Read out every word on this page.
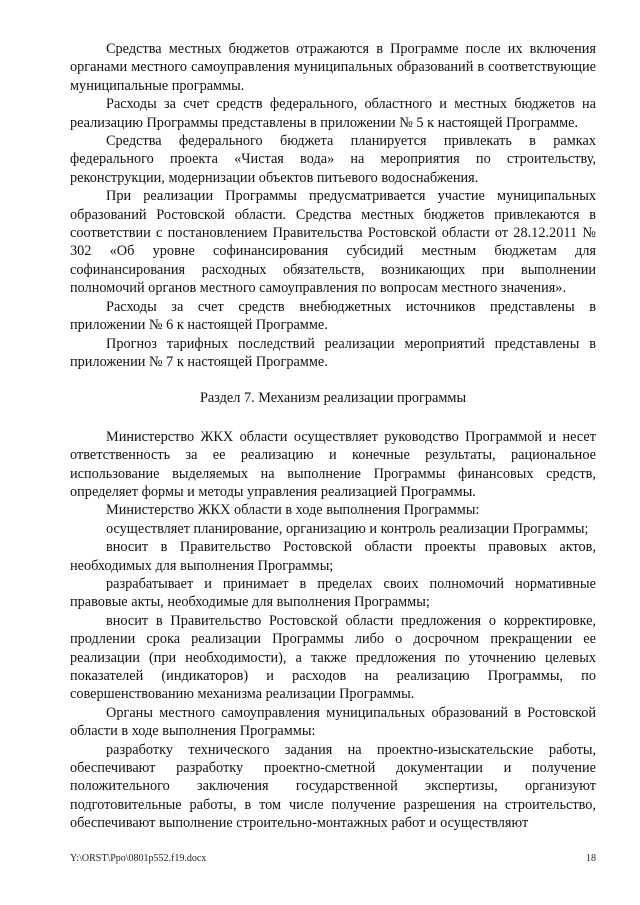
Средства местных бюджетов отражаются в Программе после их включения органами местного самоуправления муниципальных образований в соответствующие муниципальные программы.

Расходы за счет средств федерального, областного и местных бюджетов на реализацию Программы представлены в приложении № 5 к настоящей Программе.

Средства федерального бюджета планируется привлекать в рамках федерального проекта «Чистая вода» на мероприятия по строительству, реконструкции, модернизации объектов питьевого водоснабжения.

При реализации Программы предусматривается участие муниципальных образований Ростовской области. Средства местных бюджетов привлекаются в соответствии с постановлением Правительства Ростовской области от 28.12.2011 № 302 «Об уровне софинансирования субсидий местным бюджетам для софинансирования расходных обязательств, возникающих при выполнении полномочий органов местного самоуправления по вопросам местного значения».

Расходы за счет средств внебюджетных источников представлены в приложении № 6 к настоящей Программе.

Прогноз тарифных последствий реализации мероприятий представлены в приложении № 7 к настоящей Программе.

Раздел 7. Механизм реализации программы

Министерство ЖКХ области осуществляет руководство Программой и несет ответственность за ее реализацию и конечные результаты, рациональное использование выделяемых на выполнение Программы финансовых средств, определяет формы и методы управления реализацией Программы.

Министерство ЖКХ области в ходе выполнения Программы:

осуществляет планирование, организацию и контроль реализации Программы;

вносит в Правительство Ростовской области проекты правовых актов, необходимых для выполнения Программы;

разрабатывает и принимает в пределах своих полномочий нормативные правовые акты, необходимые для выполнения Программы;

вносит в Правительство Ростовской области предложения о корректировке, продлении срока реализации Программы либо о досрочном прекращении ее реализации (при необходимости), а также предложения по уточнению целевых показателей (индикаторов) и расходов на реализацию Программы, по совершенствованию механизма реализации Программы.

Органы местного самоуправления муниципальных образований в Ростовской области в ходе выполнения Программы:

разработку технического задания на проектно-изыскательские работы, обеспечивают разработку проектно-сметной документации и получение положительного заключения государственной экспертизы, организуют подготовительные работы, в том числе получение разрешения на строительство, обеспечивают выполнение строительно-монтажных работ и осуществляют

Y:\ORST\Ppo\0801p552.f19.docx	18
